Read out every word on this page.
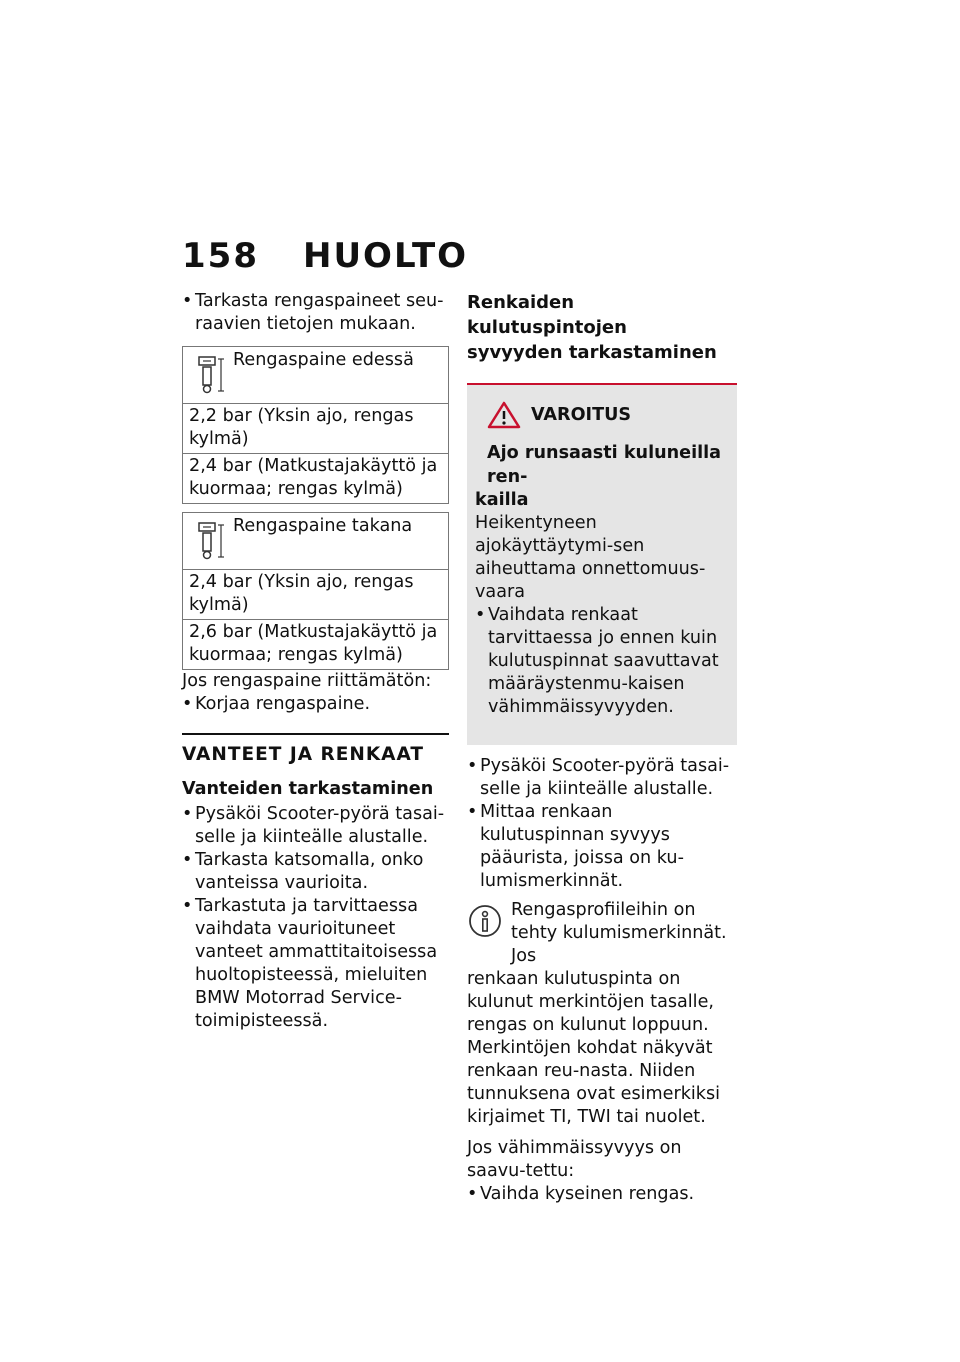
158 HUOLTO

• Tarkasta rengaspaineet seu-raavien tietojen mukaan.

Rengaspaine edessä
2,2 bar (Yksin ajo, rengas kylmä)
2,4 bar (Matkustajakäyttö ja kuormaa; rengas kylmä)
Rengaspaine takana
2,4 bar (Yksin ajo, rengas kylmä)
2,6 bar (Matkustajakäyttö ja kuormaa; rengas kylmä)

Jos rengaspaine riittämätön:

• Korjaa rengaspaine.

VANTEET JA RENKAAT

Vanteiden tarkastaminen

• Pysäköi Scooter-pyörä tasai-selle ja kiinteälle alustalle.

• Tarkasta katsomalla, onko vanteissa vaurioita.

• Tarkastuta ja tarvittaessa vaihdata vaurioituneet vanteet ammattitaitoisessa huoltopisteessä, mieluiten BMW Motorrad Service-toimipisteessä.

Renkaiden kulutuspintojen
syvyyden tarkastaminen

VAROITUS

Ajo runsaasti kuluneilla ren-

kailla

Heikentyneen ajokäyttäytymi-sen aiheuttama onnettomuus-vaara

• Vaihdata renkaat tarvittaessa jo ennen kuin kulutuspinnat saavuttavat määräystenmu-kaisen vähimmäissyvyyden.

• Pysäköi Scooter-pyörä tasai-selle ja kiinteälle alustalle.

• Mittaa renkaan kulutuspinnan syvyys pääurista, joissa on ku-lumismerkinnät.

Rengasprofiileihin on tehty kulumismerkinnät. Jos

renkaan kulutuspinta on kulunut merkintöjen tasalle, rengas on kulunut loppuun. Merkintöjen kohdat näkyvät renkaan reu-nasta. Niiden tunnuksena ovat esimerkiksi kirjaimet TI, TWI tai nuolet.

Jos vähimmäissyvyys on saavu-tettu:

• Vaihda kyseinen rengas.
